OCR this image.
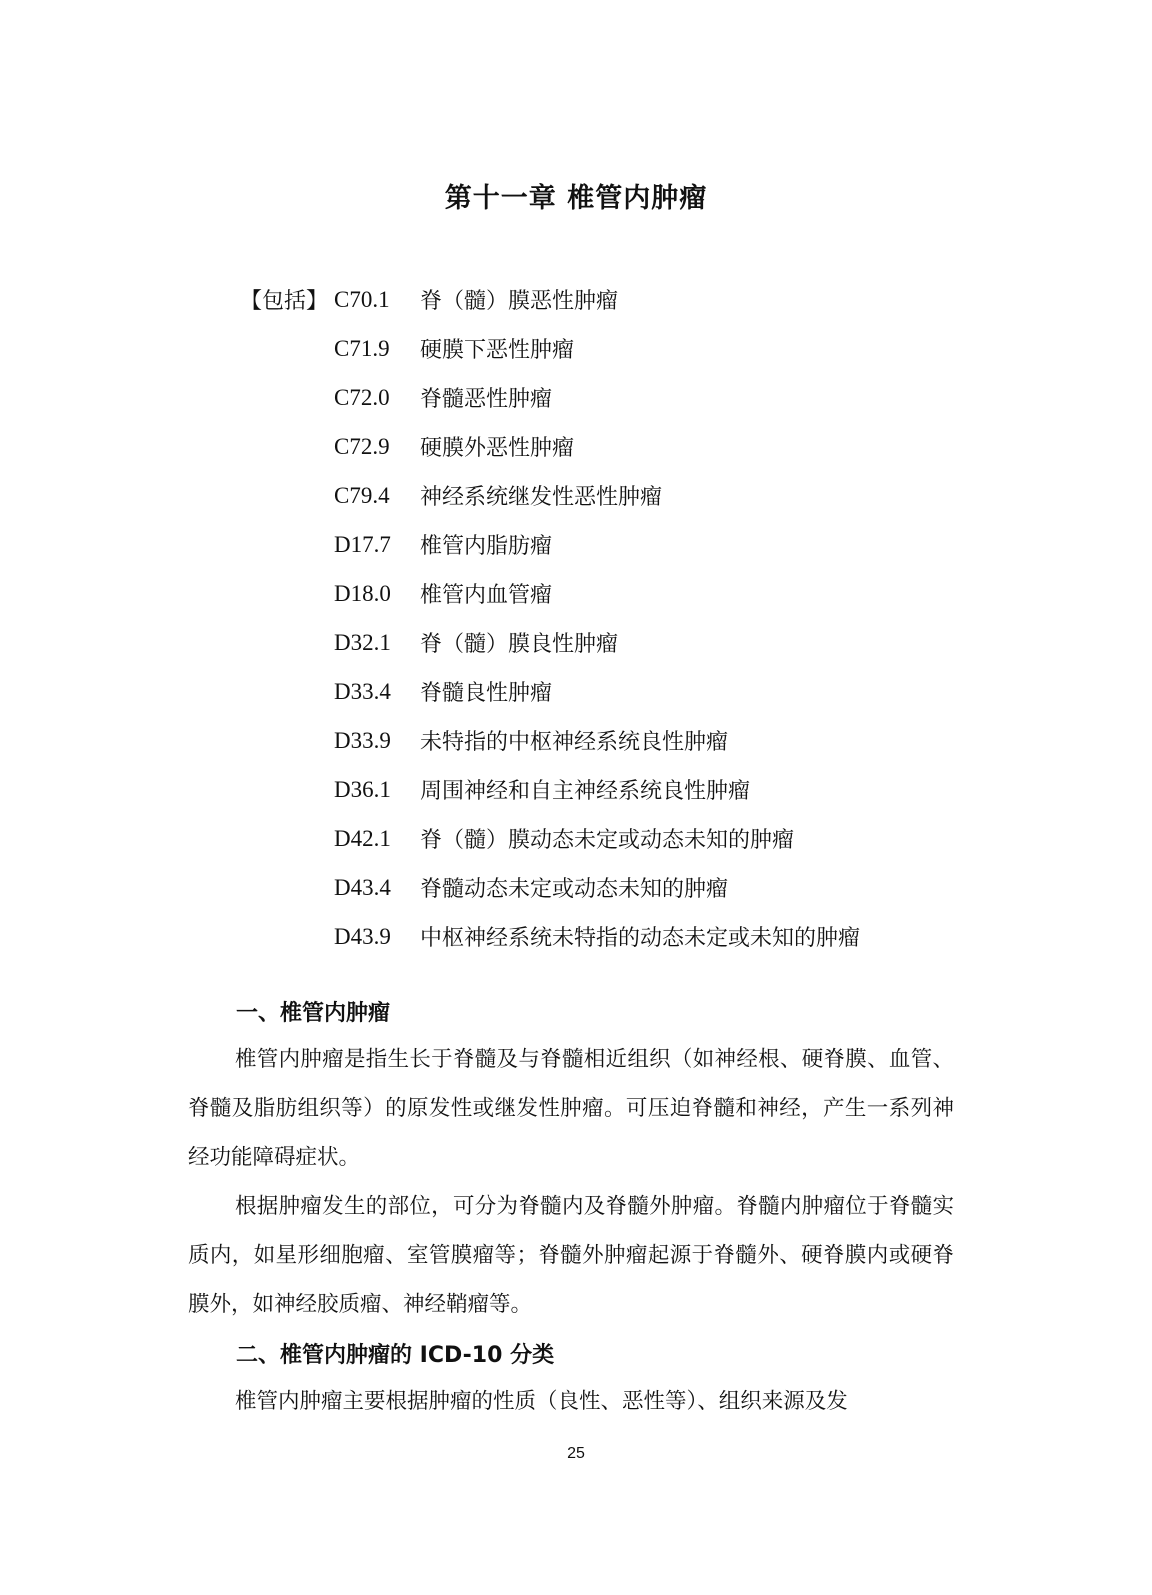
第十一章 椎管内肿瘤
【包括】 C70.1	脊（髓）膜恶性肿瘤
C71.9	硬膜下恶性肿瘤
C72.0	脊髓恶性肿瘤
C72.9	硬膜外恶性肿瘤
C79.4	神经系统继发性恶性肿瘤
D17.7	椎管内脂肪瘤
D18.0	椎管内血管瘤
D32.1	脊（髓）膜良性肿瘤
D33.4	脊髓良性肿瘤
D33.9	未特指的中枢神经系统良性肿瘤
D36.1	周围神经和自主神经系统良性肿瘤
D42.1	脊（髓）膜动态未定或动态未知的肿瘤
D43.4	脊髓动态未定或动态未知的肿瘤
D43.9	中枢神经系统未特指的动态未定或未知的肿瘤
一、椎管内肿瘤
椎管内肿瘤是指生长于脊髓及与脊髓相近组织（如神经根、硬脊膜、血管、脊髓及脂肪组织等）的原发性或继发性肿瘤。可压迫脊髓和神经，产生一系列神经功能障碍症状。
根据肿瘤发生的部位，可分为脊髓内及脊髓外肿瘤。脊髓内肿瘤位于脊髓实质内，如星形细胞瘤、室管膜瘤等；脊髓外肿瘤起源于脊髓外、硬脊膜内或硬脊膜外，如神经胶质瘤、神经鞘瘤等。
二、椎管内肿瘤的 ICD-10 分类
椎管内肿瘤主要根据肿瘤的性质（良性、恶性等）、组织来源及发
25
